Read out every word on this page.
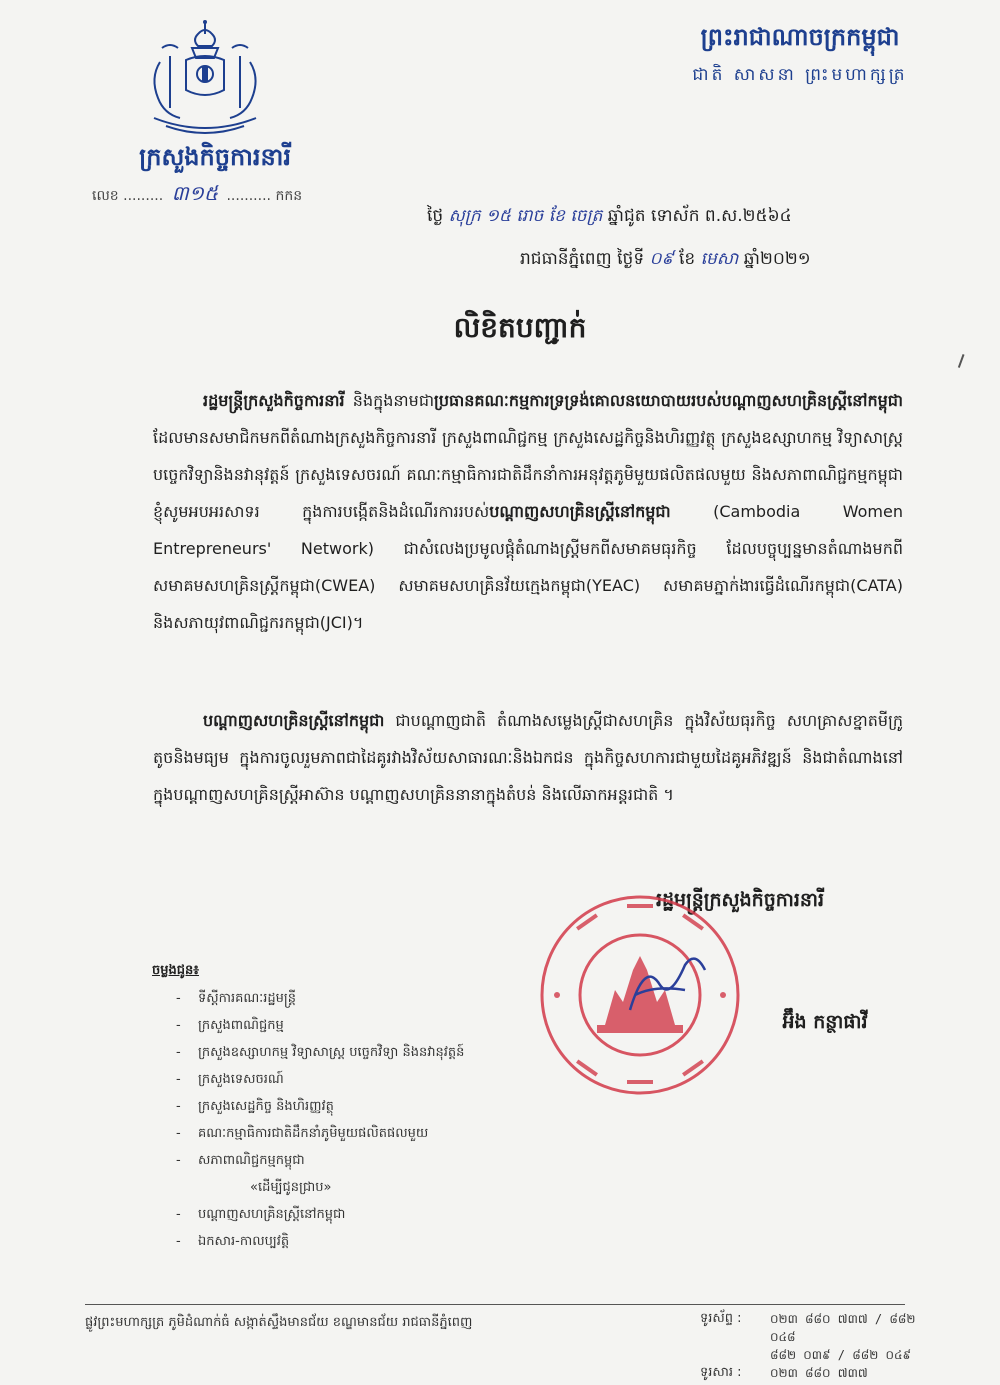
ក្រសួងកិច្ចការនារី
លេខ ......... ៣១៥ .......... កកន
ព្រះរាជាណាចក្រកម្ពុជា
ជាតិ សាសនា ព្រះមហាក្សត្រ
ថ្ងៃ សុក្រ ១៥ រោច ខែ ចេត្រ ឆ្នាំជូត ទោស័ក ព.ស.២៥៦៤
រាជធានីភ្នំពេញ ថ្ងៃទី ០៩ ខែ មេសា ឆ្នាំ២០២១
លិខិតបញ្ជាក់
រដ្ឋមន្ត្រីក្រសួងកិច្ចការនារី និងក្នុងនាមជាប្រធានគណៈកម្មការទ្រទ្រង់គោលនយោបាយរបស់បណ្តាញសហគ្រិនស្ត្រីនៅកម្ពុជា ដែលមានសមាជិកមកពីតំណាងក្រសួងកិច្ចការនារី ក្រសួងពាណិជ្ជកម្ម ក្រសួងសេដ្ឋកិច្ចនិងហិរញ្ញវត្ថុ ក្រសួងឧស្សាហកម្ម វិទ្យាសាស្ត្រ បច្ចេកវិទ្យានិងនវានុវត្តន៍ ក្រសួងទេសចរណ៍ គណៈកម្មាធិការជាតិដឹកនាំការអនុវត្តភូមិមួយផលិតផលមួយ និងសភាពាណិជ្ជកម្មកម្ពុជា ខ្ញុំសូមអបអរសាទរ ក្នុងការបង្កើតនិងដំណើរការរបស់បណ្តាញសហគ្រិនស្ត្រីនៅកម្ពុជា	(Cambodia Women Entrepreneurs' Network) ជាសំលេងប្រមូលផ្តុំតំណាងស្ត្រីមកពីសមាគមធុរកិច្ច ដែលបច្ចុប្បន្នមានតំណាងមកពីសមាគមសហគ្រិនស្ត្រីកម្ពុជា(CWEA) សមាគមសហគ្រិនវ័យក្មេងកម្ពុជា(YEAC) សមាគមភ្នាក់ងារធ្វើដំណើរកម្ពុជា(CATA) និងសភាយុវពាណិជ្ជករកម្ពុជា(JCI)។
បណ្តាញសហគ្រិនស្ត្រីនៅកម្ពុជា ជាបណ្តាញជាតិ តំណាងសម្លេងស្ត្រីជាសហគ្រិន ក្នុងវិស័យធុរកិច្ច សហគ្រាសខ្នាតមីក្រូ តូចនិងមធ្យម ក្នុងការចូលរួមភាពជាដៃគូរវាងវិស័យសាធារណៈនិងឯកជន ក្នុងកិច្ចសហការជាមួយដៃគូអភិវឌ្ឍន៍ និងជាតំណាងនៅក្នុងបណ្តាញសហគ្រិនស្ត្រីអាស៊ាន បណ្តាញសហគ្រិននានាក្នុងតំបន់ និងលើឆាកអន្តរជាតិ ។
រដ្ឋមន្ត្រីក្រសួងកិច្ចការនារី
អ៊ឹង កន្ថាផាវី
ចម្លងជូន៖
- ទីស្តីការគណៈរដ្ឋមន្ត្រី
- ក្រសួងពាណិជ្ជកម្ម
- ក្រសួងឧស្សាហកម្ម វិទ្យាសាស្ត្រ បច្ចេកវិទ្យា និងនវានុវត្តន៍
- ក្រសួងទេសចរណ៍
- ក្រសួងសេដ្ឋកិច្ច និងហិរញ្ញវត្ថុ
- គណៈកម្មាធិការជាតិដឹកនាំភូមិមួយផលិតផលមួយ
- សភាពាណិជ្ជកម្មកម្ពុជា
«ដើម្បីជូនជ្រាប»
- បណ្តាញសហគ្រិនស្ត្រីនៅកម្ពុជា
- ឯកសារ-កាលប្បវត្តិ
ផ្លូវព្រះមហាក្សត្រ ភូមិដំណាក់ធំ សង្កាត់ស្ទឹងមានជ័យ ខណ្ឌមានជ័យ រាជធានីភ្នំពេញ	ទូរស័ព្ទ :	០២៣ ៨៨០ ៧៣៧ / ៨៨២ ០៤៨
៨៨២ ០៣៩ / ៨៨២ ០៤៩
ទូរសារ :	០២៣ ៨៨០ ៧៣៧
